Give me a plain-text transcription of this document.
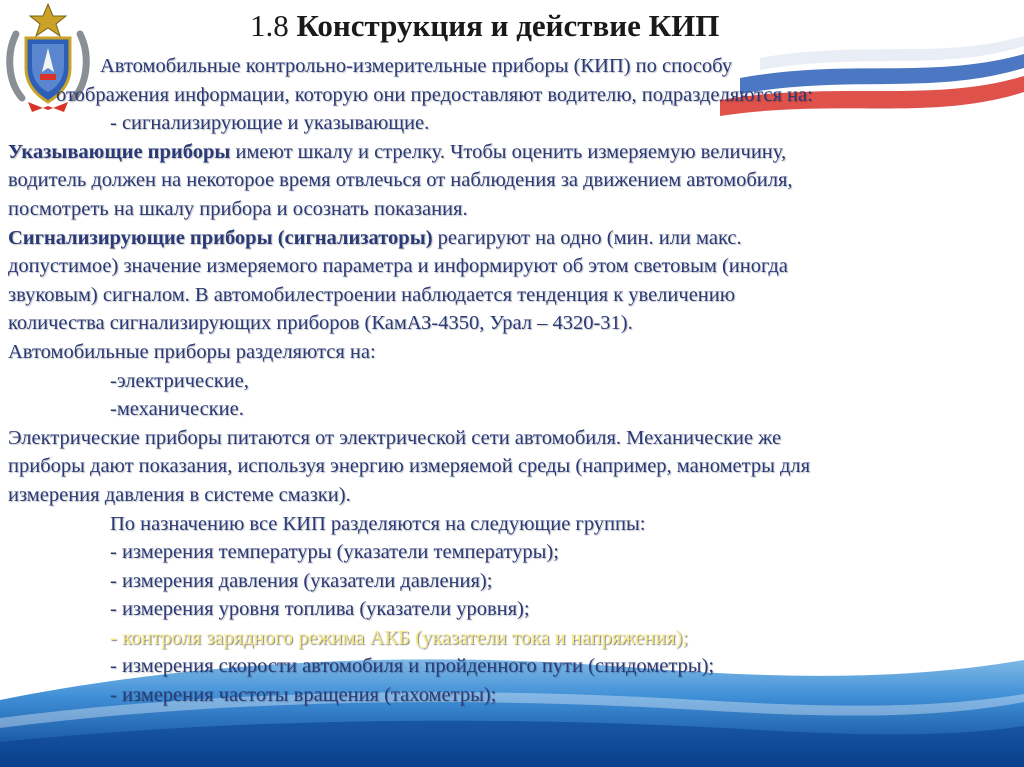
1.8 Конструкция и действие КИП
Автомобильные контрольно-измерительные приборы (КИП) по способу
отображения информации, которую они предоставляют водителю, подразделяются на:
- сигнализирующие и указывающие.
Указывающие приборы имеют шкалу и стрелку. Чтобы оценить измеряемую величину,
водитель должен на некоторое время отвлечься от наблюдения за движением автомобиля,
посмотреть на шкалу прибора и осознать показания.
Сигнализирующие приборы (сигнализаторы) реагируют на одно (мин. или макс.
допустимое) значение измеряемого параметра и информируют об этом световым (иногда
звуковым) сигналом. В автомобилестроении наблюдается тенденция к увеличению
количества сигнализирующих приборов (КамАЗ-4350, Урал – 4320-31).
Автомобильные приборы разделяются на:
-электрические,
-механические.
Электрические приборы питаются от электрической сети автомобиля. Механические же
приборы дают показания, используя энергию измеряемой среды (например, манометры для
измерения давления в системе смазки).
По назначению все КИП разделяются на следующие группы:
- измерения температуры (указатели температуры);
- измерения давления (указатели давления);
- измерения уровня топлива (указатели уровня);
- контроля зарядного режима АКБ (указатели тока и напряжения);
- измерения скорости автомобиля и пройденного пути (спидометры);
- измерения частоты вращения (тахометры);
